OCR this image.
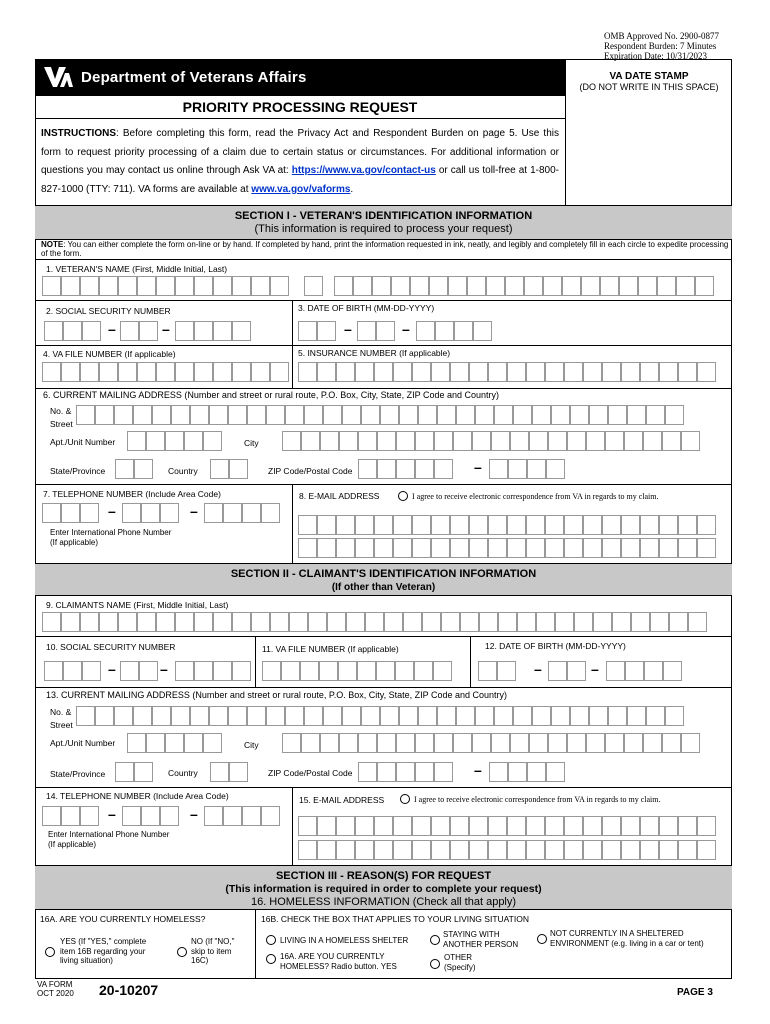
OMB Approved No. 2900-0877
Respondent Burden: 7 Minutes
Expiration Date: 10/31/2023
Department of Veterans Affairs	VA DATE STAMP
(DO NOT WRITE IN THIS SPACE)
PRIORITY PROCESSING REQUEST
INSTRUCTIONS: Before completing this form, read the Privacy Act and Respondent Burden on page 5. Use this form to request priority processing of a claim due to certain status or circumstances. For additional information or questions you may contact us online through Ask VA at: https://www.va.gov/contact-us or call us toll-free at 1-800-827-1000 (TTY: 711). VA forms are available at www.va.gov/vaforms.
SECTION I - VETERAN'S IDENTIFICATION INFORMATION
(This information is required to process your request)
NOTE: You can either complete the form on-line or by hand. If completed by hand, print the information requested in ink, neatly, and legibly and completely fill in each circle to expedite processing of the form.
1. VETERAN'S NAME (First, Middle Initial, Last)
2. SOCIAL SECURITY NUMBER	3. DATE OF BIRTH (MM-DD-YYYY)
–	–	–	–
4. VA FILE NUMBER (If applicable)	5. INSURANCE NUMBER (If applicable)
6. CURRENT MAILING ADDRESS (Number and street or rural route, P.O. Box, City, State, ZIP Code and Country)
No. &
Street
Apt./Unit Number	City
State/Province	Country	ZIP Code/Postal Code	–
7. TELEPHONE NUMBER (Include Area Code)
–	–
Enter International Phone Number
(If applicable)
8. E-MAIL ADDRESS	I agree to receive electronic correspondence from VA in regards to my claim.
SECTION II - CLAIMANT'S IDENTIFICATION INFORMATION
(If other than Veteran)
9. CLAIMANTS NAME (First, Middle Initial, Last)
10. SOCIAL SECURITY NUMBER	11. VA FILE NUMBER (If applicable)	12. DATE OF BIRTH (MM-DD-YYYY)
–	–	–	–
13. CURRENT MAILING ADDRESS (Number and street or rural route, P.O. Box, City, State, ZIP Code and Country)
No. &
Street
Apt./Unit Number	City
State/Province	Country	ZIP Code/Postal Code	–
14. TELEPHONE NUMBER (Include Area Code)
–	–
Enter International Phone Number
(If applicable)
15. E-MAIL ADDRESS	I agree to receive electronic correspondence from VA in regards to my claim.
SECTION III - REASON(S) FOR REQUEST
(This information is required in order to complete your request)
16. HOMELESS INFORMATION (Check all that apply)
16A. ARE YOU CURRENTLY HOMELESS?
YES (If "YES," complete
item 16B regarding your
living situation)
NO (If "NO,"
skip to item
16C)
16B. CHECK THE BOX THAT APPLIES TO YOUR LIVING SITUATION
LIVING IN A HOMELESS SHELTER
STAYING WITH
ANOTHER PERSON
NOT CURRENTLY IN A SHELTERED
ENVIRONMENT (e.g. living in a car or tent)
16A. ARE YOU CURRENTLY
HOMELESS? Radio button. YES
OTHER
(Specify)
VA FORM
OCT 2020 20-10207	PAGE 3
